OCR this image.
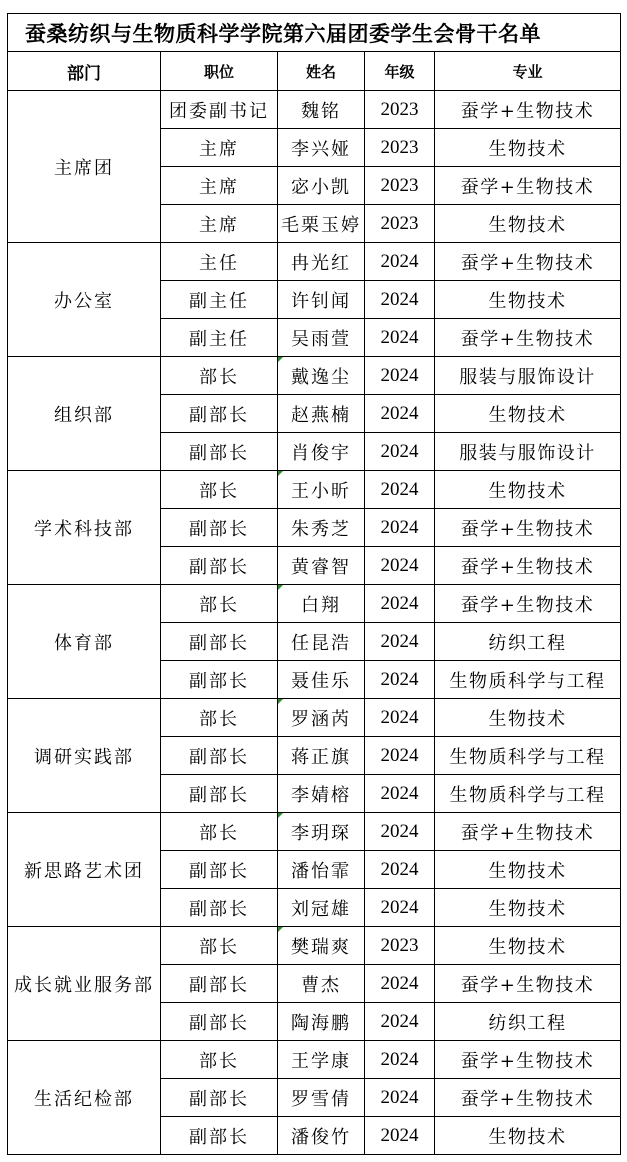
蚕桑纺织与生物质科学学院第六届团委学生会骨干名单				
部门	职位	姓名	年级	专业
主席团	团委副书记	魏铭	2023	蚕学+生物技术
	主席	李兴娅	2023	生物技术
	主席	宓小凯	2023	蚕学+生物技术
	主席	毛栗玉婷	2023	生物技术
办公室	主任	冉光红	2024	蚕学+生物技术
	副主任	许钊闻	2024	生物技术
	副主任	吴雨萱	2024	蚕学+生物技术
组织部	部长	戴逸尘	2024	服装与服饰设计
	副部长	赵燕楠	2024	生物技术
	副部长	肖俊宇	2024	服装与服饰设计
学术科技部	部长	王小昕	2024	生物技术
	副部长	朱秀芝	2024	蚕学+生物技术
	副部长	黄睿智	2024	蚕学+生物技术
体育部	部长	白翔	2024	蚕学+生物技术
	副部长	任昆浩	2024	纺织工程
	副部长	聂佳乐	2024	生物质科学与工程
调研实践部	部长	罗涵芮	2024	生物技术
	副部长	蒋正旗	2024	生物质科学与工程
	副部长	李婧榕	2024	生物质科学与工程
新思路艺术团	部长	李玥琛	2024	蚕学+生物技术
	副部长	潘怡霏	2024	生物技术
	副部长	刘冠雄	2024	生物技术
成长就业服务部	部长	樊瑞爽	2023	生物技术
	副部长	曹杰	2024	蚕学+生物技术
	副部长	陶海鹏	2024	纺织工程
生活纪检部	部长	王学康	2024	蚕学+生物技术
	副部长	罗雪倩	2024	蚕学+生物技术
	副部长	潘俊竹	2024	生物技术
